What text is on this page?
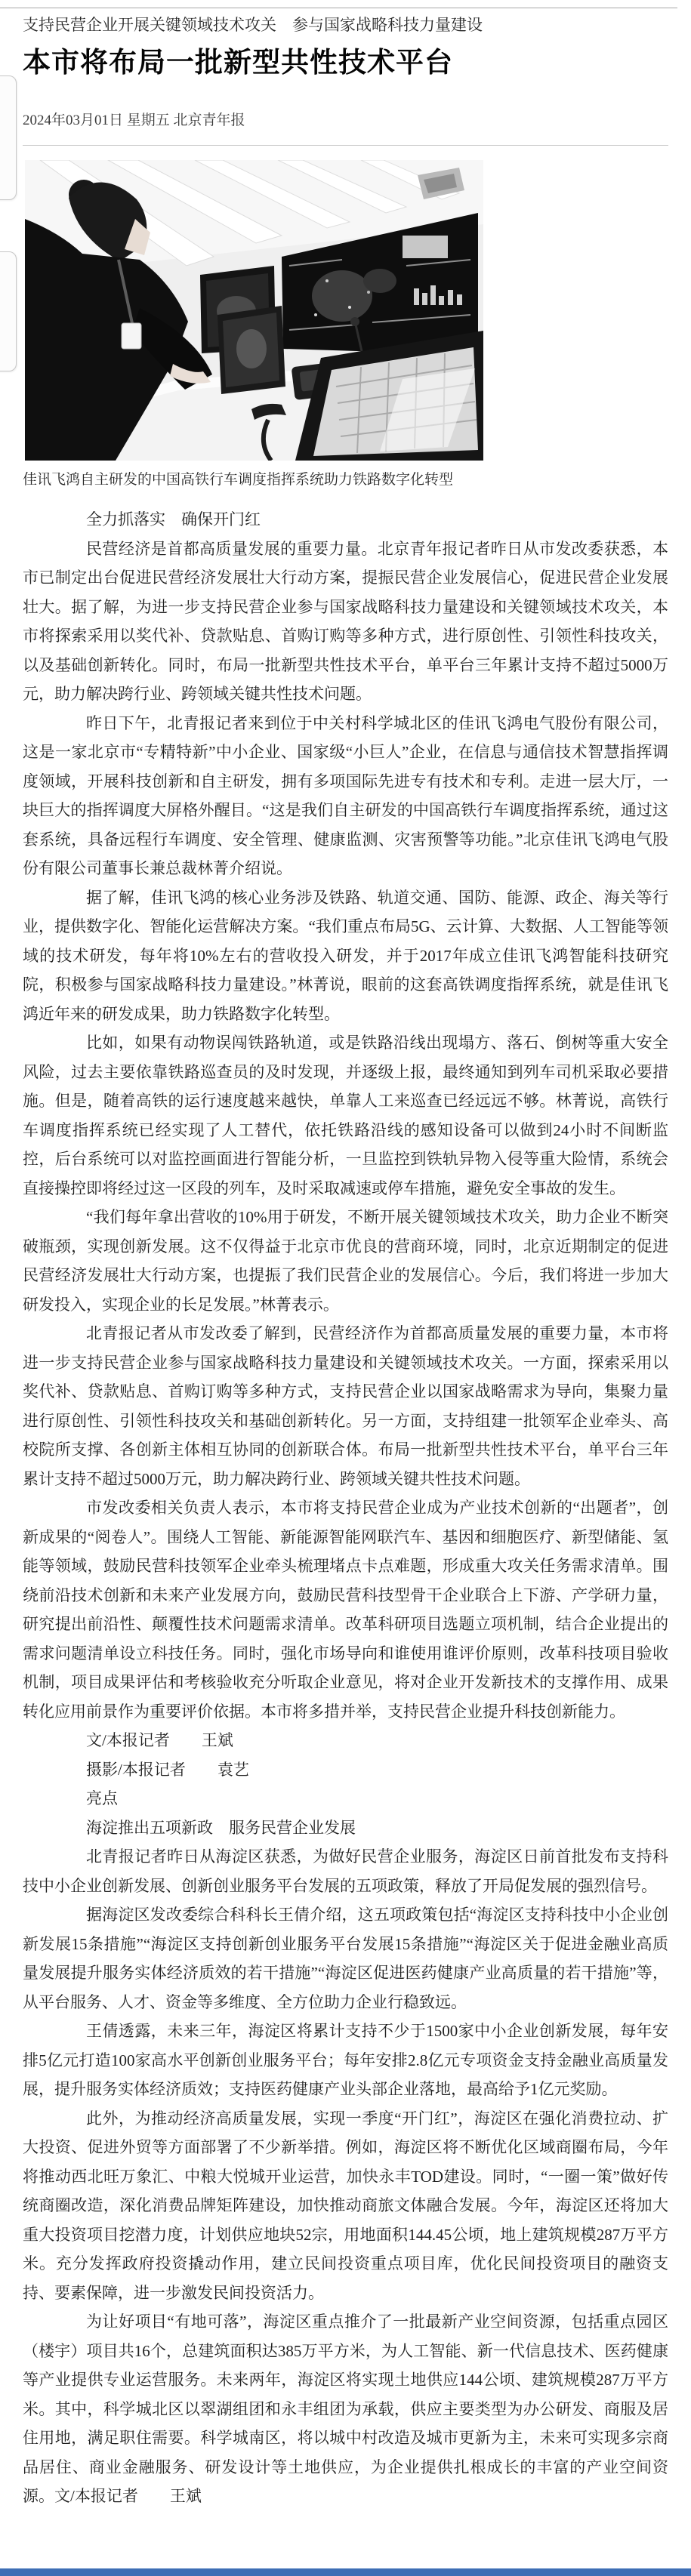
支持民营企业开展关键领域技术攻关　参与国家战略科技力量建设

本市将布局一批新型共性技术平台

2024年03月01日 星期五 北京青年报

佳讯飞鸿自主研发的中国高铁行车调度指挥系统助力铁路数字化转型

全力抓落实　确保开门红

民营经济是首都高质量发展的重要力量。北京青年报记者昨日从市发改委获悉，本市已制定出台促进民营经济发展壮大行动方案，提振民营企业发展信心，促进民营企业发展壮大。据了解，为进一步支持民营企业参与国家战略科技力量建设和关键领域技术攻关，本市将探索采用以奖代补、贷款贴息、首购订购等多种方式，进行原创性、引领性科技攻关，以及基础创新转化。同时，布局一批新型共性技术平台，单平台三年累计支持不超过5000万元，助力解决跨行业、跨领域关键共性技术问题。

昨日下午，北青报记者来到位于中关村科学城北区的佳讯飞鸿电气股份有限公司，这是一家北京市“专精特新”中小企业、国家级“小巨人”企业，在信息与通信技术智慧指挥调度领域，开展科技创新和自主研发，拥有多项国际先进专有技术和专利。走进一层大厅，一块巨大的指挥调度大屏格外醒目。“这是我们自主研发的中国高铁行车调度指挥系统，通过这套系统，具备远程行车调度、安全管理、健康监测、灾害预警等功能。”北京佳讯飞鸿电气股份有限公司董事长兼总裁林菁介绍说。

据了解，佳讯飞鸿的核心业务涉及铁路、轨道交通、国防、能源、政企、海关等行业，提供数字化、智能化运营解决方案。“我们重点布局5G、云计算、大数据、人工智能等领域的技术研发，每年将10%左右的营收投入研发，并于2017年成立佳讯飞鸿智能科技研究院，积极参与国家战略科技力量建设。”林菁说，眼前的这套高铁调度指挥系统，就是佳讯飞鸿近年来的研发成果，助力铁路数字化转型。

比如，如果有动物误闯铁路轨道，或是铁路沿线出现塌方、落石、倒树等重大安全风险，过去主要依靠铁路巡查员的及时发现，并逐级上报，最终通知到列车司机采取必要措施。但是，随着高铁的运行速度越来越快，单靠人工来巡查已经远远不够。林菁说，高铁行车调度指挥系统已经实现了人工替代，依托铁路沿线的感知设备可以做到24小时不间断监控，后台系统可以对监控画面进行智能分析，一旦监控到铁轨异物入侵等重大险情，系统会直接操控即将经过这一区段的列车，及时采取减速或停车措施，避免安全事故的发生。

“我们每年拿出营收的10%用于研发，不断开展关键领域技术攻关，助力企业不断突破瓶颈，实现创新发展。这不仅得益于北京市优良的营商环境，同时，北京近期制定的促进民营经济发展壮大行动方案，也提振了我们民营企业的发展信心。今后，我们将进一步加大研发投入，实现企业的长足发展。”林菁表示。

北青报记者从市发改委了解到，民营经济作为首都高质量发展的重要力量，本市将进一步支持民营企业参与国家战略科技力量建设和关键领域技术攻关。一方面，探索采用以奖代补、贷款贴息、首购订购等多种方式，支持民营企业以国家战略需求为导向，集聚力量进行原创性、引领性科技攻关和基础创新转化。另一方面，支持组建一批领军企业牵头、高校院所支撑、各创新主体相互协同的创新联合体。布局一批新型共性技术平台，单平台三年累计支持不超过5000万元，助力解决跨行业、跨领域关键共性技术问题。

市发改委相关负责人表示，本市将支持民营企业成为产业技术创新的“出题者”，创新成果的“阅卷人”。围绕人工智能、新能源智能网联汽车、基因和细胞医疗、新型储能、氢能等领域，鼓励民营科技领军企业牵头梳理堵点卡点难题，形成重大攻关任务需求清单。围绕前沿技术创新和未来产业发展方向，鼓励民营科技型骨干企业联合上下游、产学研力量，研究提出前沿性、颠覆性技术问题需求清单。改革科研项目选题立项机制，结合企业提出的需求问题清单设立科技任务。同时，强化市场导向和谁使用谁评价原则，改革科技项目验收机制，项目成果评估和考核验收充分听取企业意见，将对企业开发新技术的支撑作用、成果转化应用前景作为重要评价依据。本市将多措并举，支持民营企业提升科技创新能力。

文/本报记者　　王斌

摄影/本报记者　　袁艺

亮点

海淀推出五项新政　服务民营企业发展

北青报记者昨日从海淀区获悉，为做好民营企业服务，海淀区日前首批发布支持科技中小企业创新发展、创新创业服务平台发展的五项政策，释放了开局促发展的强烈信号。

据海淀区发改委综合科科长王倩介绍，这五项政策包括“海淀区支持科技中小企业创新发展15条措施”“海淀区支持创新创业服务平台发展15条措施”“海淀区关于促进金融业高质量发展提升服务实体经济质效的若干措施”“海淀区促进医药健康产业高质量的若干措施”等，从平台服务、人才、资金等多维度、全方位助力企业行稳致远。

王倩透露，未来三年，海淀区将累计支持不少于1500家中小企业创新发展，每年安排5亿元打造100家高水平创新创业服务平台；每年安排2.8亿元专项资金支持金融业高质量发展，提升服务实体经济质效；支持医药健康产业头部企业落地，最高给予1亿元奖励。

此外，为推动经济高质量发展，实现一季度“开门红”，海淀区在强化消费拉动、扩大投资、促进外贸等方面部署了不少新举措。例如，海淀区将不断优化区域商圈布局，今年将推动西北旺万象汇、中粮大悦城开业运营，加快永丰TOD建设。同时，“一圈一策”做好传统商圈改造，深化消费品牌矩阵建设，加快推动商旅文体融合发展。今年，海淀区还将加大重大投资项目挖潜力度，计划供应地块52宗，用地面积144.45公顷，地上建筑规模287万平方米。充分发挥政府投资撬动作用，建立民间投资重点项目库，优化民间投资项目的融资支持、要素保障，进一步激发民间投资活力。

为让好项目“有地可落”，海淀区重点推介了一批最新产业空间资源，包括重点园区（楼宇）项目共16个，总建筑面积达385万平方米，为人工智能、新一代信息技术、医药健康等产业提供专业运营服务。未来两年，海淀区将实现土地供应144公顷、建筑规模287万平方米。其中，科学城北区以翠湖组团和永丰组团为承载，供应主要类型为办公研发、商服及居住用地，满足职住需要。科学城南区，将以城中村改造及城市更新为主，未来可实现多宗商品居住、商业金融服务、研发设计等土地供应，为企业提供扎根成长的丰富的产业空间资源。文/本报记者　　王斌
